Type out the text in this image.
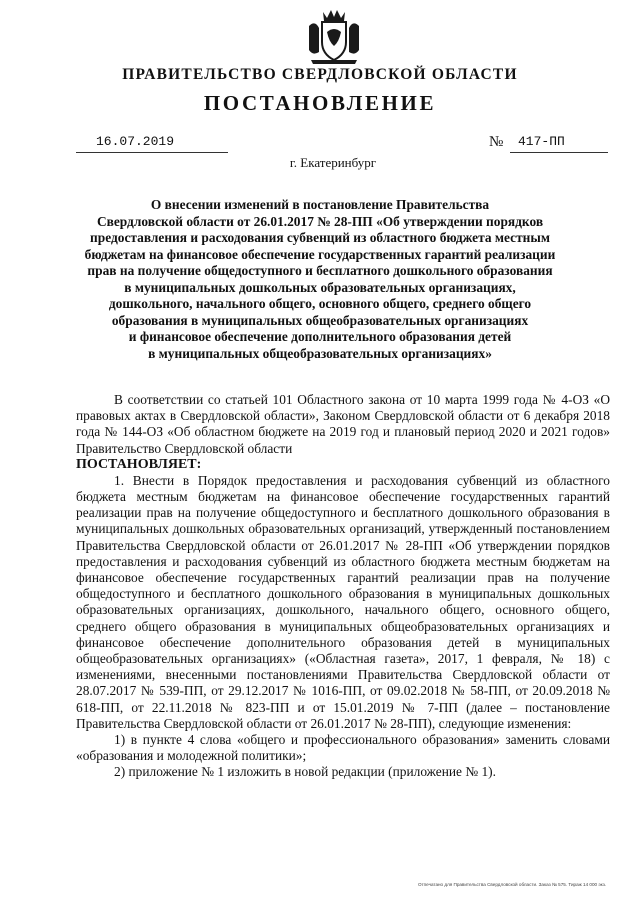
ПРАВИТЕЛЬСТВО СВЕРДЛОВСКОЙ ОБЛАСТИ
ПОСТАНОВЛЕНИЕ
16.07.2019	№ 417-ПП
г. Екатеринбург
О внесении изменений в постановление Правительства
Свердловской области от 26.01.2017 № 28-ПП «Об утверждении порядков
предоставления и расходования субвенций из областного бюджета местным
бюджетам на финансовое обеспечение государственных гарантий реализации
прав на получение общедоступного и бесплатного дошкольного образования
в муниципальных дошкольных образовательных организациях,
дошкольного, начального общего, основного общего, среднего общего
образования в муниципальных общеобразовательных организациях
и финансовое обеспечение дополнительного образования детей
в муниципальных общеобразовательных организациях»

В соответствии со статьей 101 Областного закона от 10 марта 1999 года № 4-ОЗ «О правовых актах в Свердловской области», Законом Свердловской области от 6 декабря 2018 года № 144-ОЗ «Об областном бюджете на 2019 год и плановый период 2020 и 2021 годов» Правительство Свердловской области

ПОСТАНОВЛЯЕТ:

1. Внести в Порядок предоставления и расходования субвенций из областного бюджета местным бюджетам на финансовое обеспечение государственных гарантий реализации прав на получение общедоступного и бесплатного дошкольного образования в муниципальных дошкольных образовательных организаций, утвержденный постановлением Правительства Свердловской области от 26.01.2017 № 28-ПП «Об утверждении порядков предоставления и расходования субвенций из областного бюджета местным бюджетам на финансовое обеспечение государственных гарантий реализации прав на получение общедоступного и бесплатного дошкольного образования в муниципальных дошкольных образовательных организациях, дошкольного, начального общего, основного общего, среднего общего образования в муниципальных общеобразовательных организациях и финансовое обеспечение дополнительного образования детей в муниципальных общеобразовательных организациях» («Областная газета», 2017, 1 февраля, № 18) с изменениями, внесенными постановлениями Правительства Свердловской области от 28.07.2017 № 539-ПП, от 29.12.2017 № 1016-ПП, от 09.02.2018 № 58-ПП, от 20.09.2018 № 618-ПП, от 22.11.2018 № 823-ПП и от 15.01.2019 № 7-ПП (далее – постановление Правительства Свердловской области от 26.01.2017 № 28-ПП), следующие изменения:

1) в пункте 4 слова «общего и профессионального образования» заменить словами «образования и молодежной политики»;

2) приложение № 1 изложить в новой редакции (приложение № 1).

Отпечатано для Правительства Свердловской области. Заказ № 575. Тираж 14 000 экз.
